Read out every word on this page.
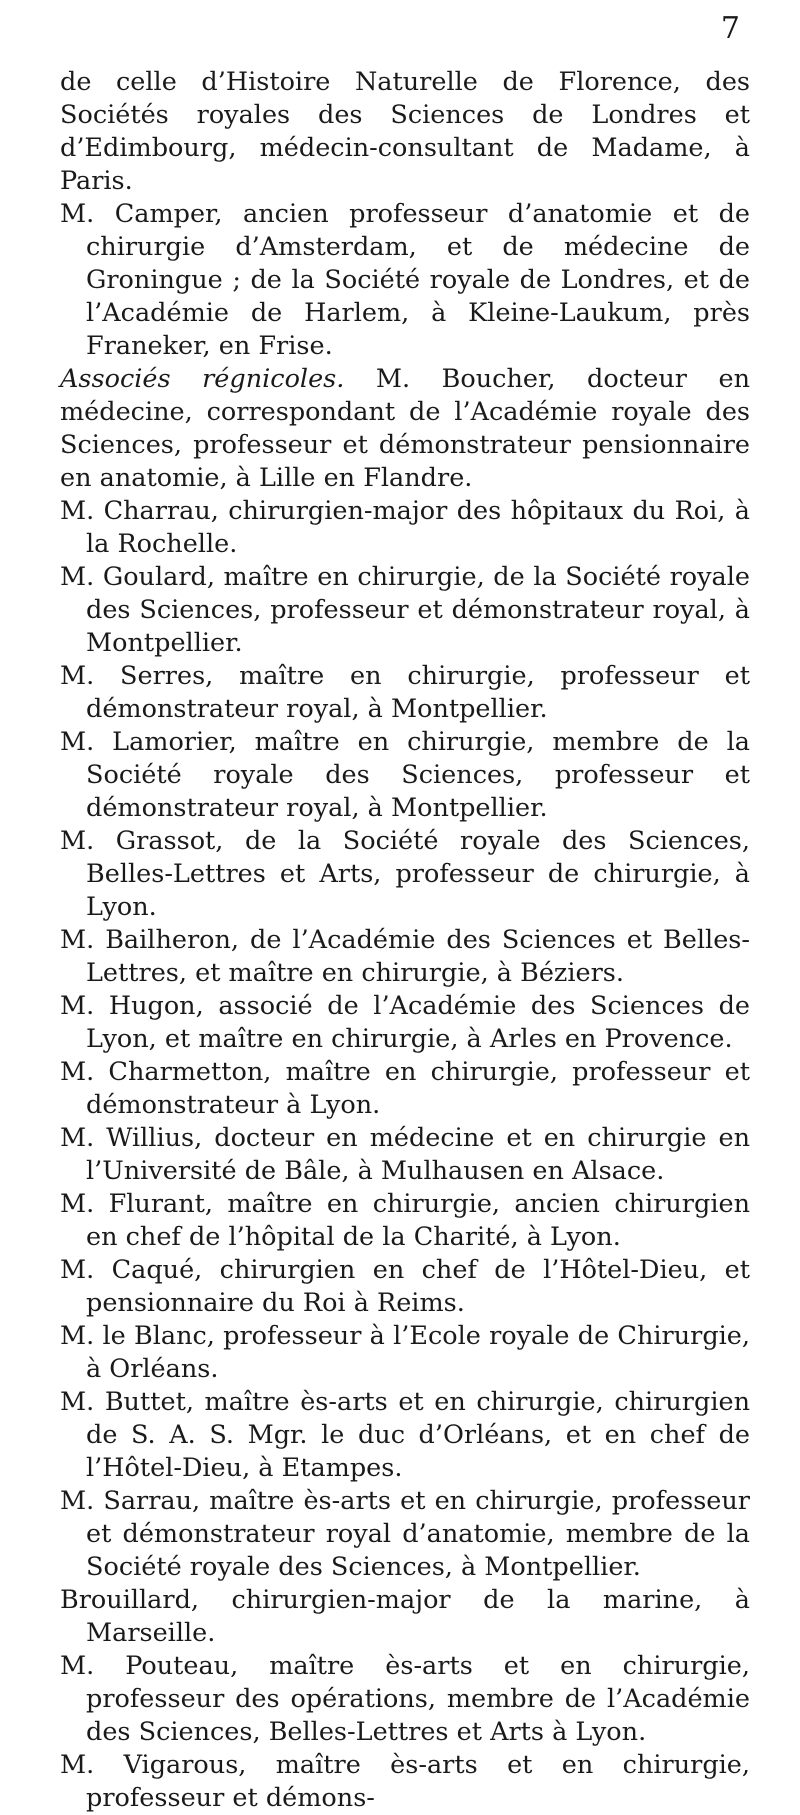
7

de celle d’Histoire Naturelle de Florence, des Sociétés royales des Sciences de Londres et d’Edimbourg, médecin-consultant de Madame, à Paris.

M. Camper, ancien professeur d’anatomie et de chirurgie d’Amsterdam, et de médecine de Groningue ; de la Société royale de Londres, et de l’Académie de Harlem, à Kleine-Laukum, près Franeker, en Frise.

Associés régnicoles. M. Boucher, docteur en médecine, correspondant de l’Académie royale des Sciences, professeur et démonstrateur pensionnaire en anatomie, à Lille en Flandre.

M. Charrau, chirurgien-major des hôpitaux du Roi, à la Rochelle.

M. Goulard, maître en chirurgie, de la Société royale des Sciences, professeur et démonstrateur royal, à Montpellier.

M. Serres, maître en chirurgie, professeur et démonstrateur royal, à Montpellier.

M. Lamorier, maître en chirurgie, membre de la Société royale des Sciences, professeur et démonstrateur royal, à Montpellier.

M. Grassot, de la Société royale des Sciences, Belles-Lettres et Arts, professeur de chirurgie, à Lyon.

M. Bailheron, de l’Académie des Sciences et Belles-Lettres, et maître en chirurgie, à Béziers.

M. Hugon, associé de l’Académie des Sciences de Lyon, et maître en chirurgie, à Arles en Provence.

M. Charmetton, maître en chirurgie, professeur et démonstrateur à Lyon.

M. Willius, docteur en médecine et en chirurgie en l’Université de Bâle, à Mulhausen en Alsace.

M. Flurant, maître en chirurgie, ancien chirurgien en chef de l’hôpital de la Charité, à Lyon.

M. Caqué, chirurgien en chef de l’Hôtel-Dieu, et pensionnaire du Roi à Reims.

M. le Blanc, professeur à l’Ecole royale de Chirurgie, à Orléans.

M. Buttet, maître ès-arts et en chirurgie, chirurgien de S. A. S. Mgr. le duc d’Orléans, et en chef de l’Hôtel-Dieu, à Etampes.

M. Sarrau, maître ès-arts et en chirurgie, professeur et démonstrateur royal d’anatomie, membre de la Société royale des Sciences, à Montpellier.

Brouillard, chirurgien-major de la marine, à Marseille.

M. Pouteau, maître ès-arts et en chirurgie, professeur des opérations, membre de l’Académie des Sciences, Belles-Lettres et Arts à Lyon.

M. Vigarous, maître ès-arts et en chirurgie, professeur et démons-
